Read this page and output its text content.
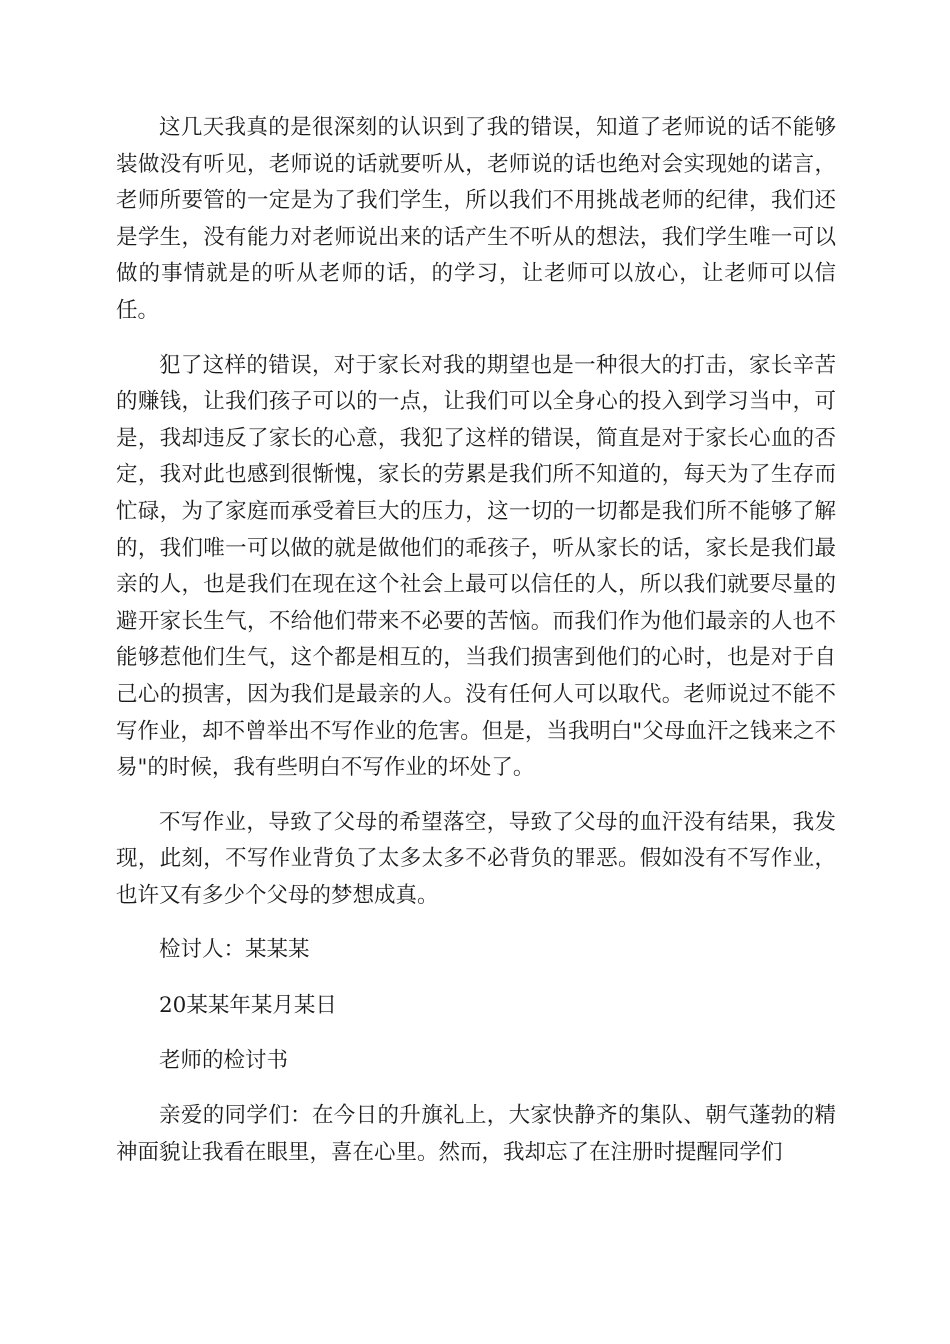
这几天我真的是很深刻的认识到了我的错误，知道了老师说的话不能够装做没有听见，老师说的话就要听从，老师说的话也绝对会实现她的诺言，老师所要管的一定是为了我们学生，所以我们不用挑战老师的纪律，我们还是学生，没有能力对老师说出来的话产生不听从的想法，我们学生唯一可以做的事情就是的听从老师的话，的学习，让老师可以放心，让老师可以信任。

犯了这样的错误，对于家长对我的期望也是一种很大的打击，家长辛苦的赚钱，让我们孩子可以的一点，让我们可以全身心的投入到学习当中，可是，我却违反了家长的心意，我犯了这样的错误，简直是对于家长心血的否定，我对此也感到很惭愧，家长的劳累是我们所不知道的，每天为了生存而忙碌，为了家庭而承受着巨大的压力，这一切的一切都是我们所不能够了解的，我们唯一可以做的就是做他们的乖孩子，听从家长的话，家长是我们最亲的人，也是我们在现在这个社会上最可以信任的人，所以我们就要尽量的避开家长生气，不给他们带来不必要的苦恼。而我们作为他们最亲的人也不能够惹他们生气，这个都是相互的，当我们损害到他们的心时，也是对于自己心的损害，因为我们是最亲的人。没有任何人可以取代。老师说过不能不写作业，却不曾举出不写作业的危害。但是，当我明白"父母血汗之钱来之不易"的时候，我有些明白不写作业的坏处了。

不写作业，导致了父母的希望落空，导致了父母的血汗没有结果，我发现，此刻，不写作业背负了太多太多不必背负的罪恶。假如没有不写作业，也许又有多少个父母的梦想成真。

检讨人：某某某

20某某年某月某日

老师的检讨书

亲爱的同学们：在今日的升旗礼上，大家快静齐的集队、朝气蓬勃的精神面貌让我看在眼里，喜在心里。然而，我却忘了在注册时提醒同学们
